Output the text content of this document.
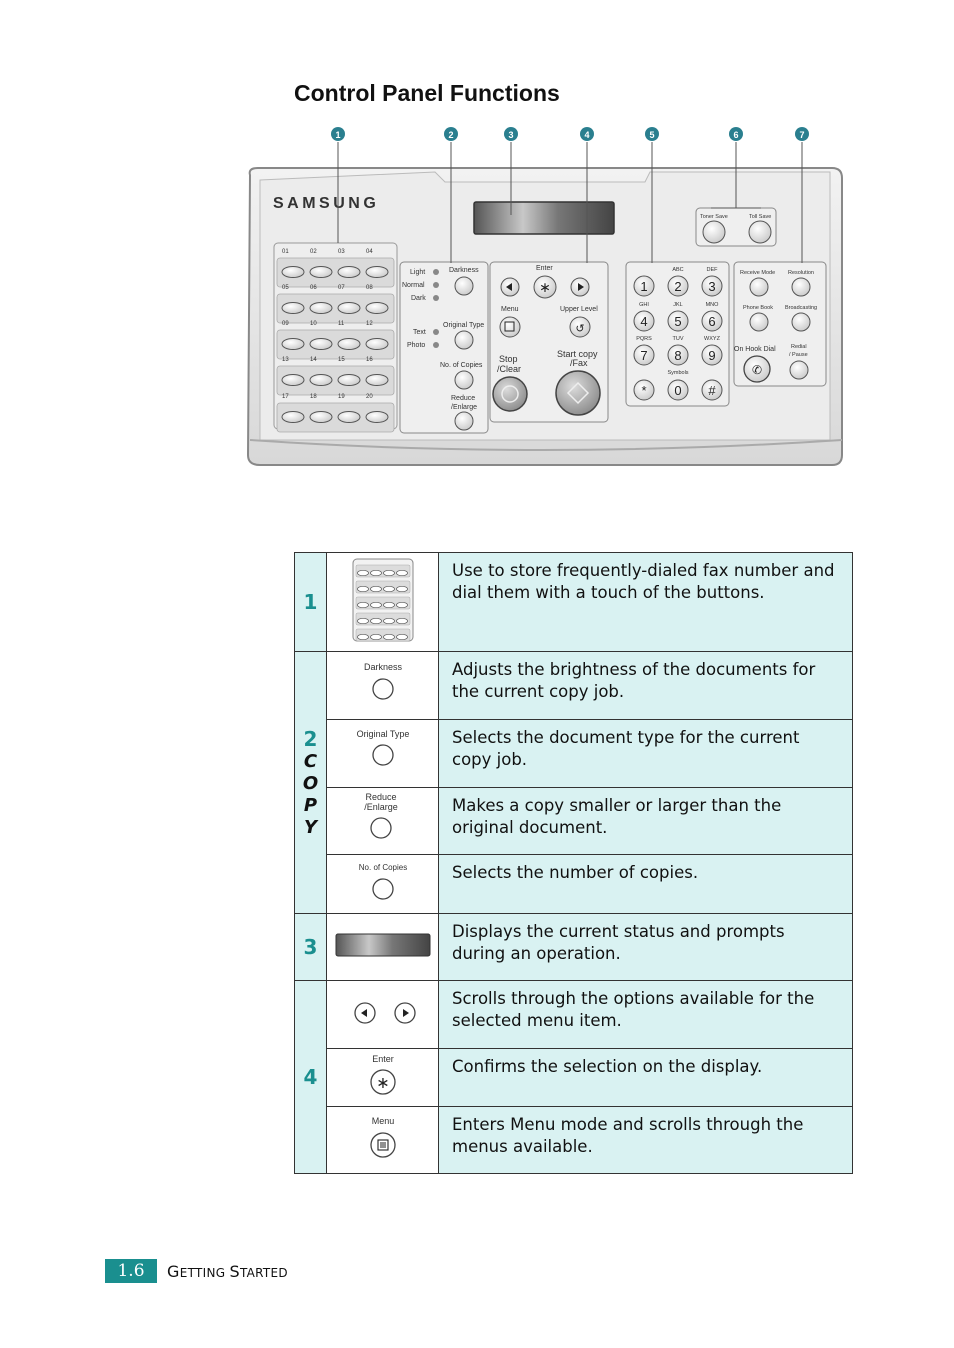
Control Panel Functions
SAMSUNG
01	02	03	04
05	06	07	08
09	10	11	12
13	14	15	16
17	18	19	20
Light
Normal
Dark
Darkness
Text
Photo
Original Type
No. of Copies
Reduce
/Enlarge
Enter
∗
Menu	Upper Level
↺
Stop
/Clear
Start copy
/Fax
ABC	DEF
GHI	JKL	MNO
PQRS	TUV	WXYZ
Symbols
1 2 3
4 5 6
7 8 9
* 0 #
Toner Save	Toll Save
Receive Mode Resolution
Phone Book Broadcasting
On Hook Dial	Redial
/ Pause
✆
1	2	3	4	5	6	7
1		Use to store frequently-dialed fax number and dial them with a touch of the buttons.
2
C
O
P
Y	Darkness	Adjusts the brightness of the documents for the current copy job.

Original Type	Selects the document type for the current copy job.

Reduce
/Enlarge	Makes a copy smaller or larger than the original document.

No. of Copies	Selects the number of copies.
3		Displays the current status and prompts during an operation.
4		Scrolls through the options available for the selected menu item.

Enter
∗	Confirms the selection on the display.

Menu	Enters Menu mode and scrolls through the menus available.
1.6	GETTING STARTED
